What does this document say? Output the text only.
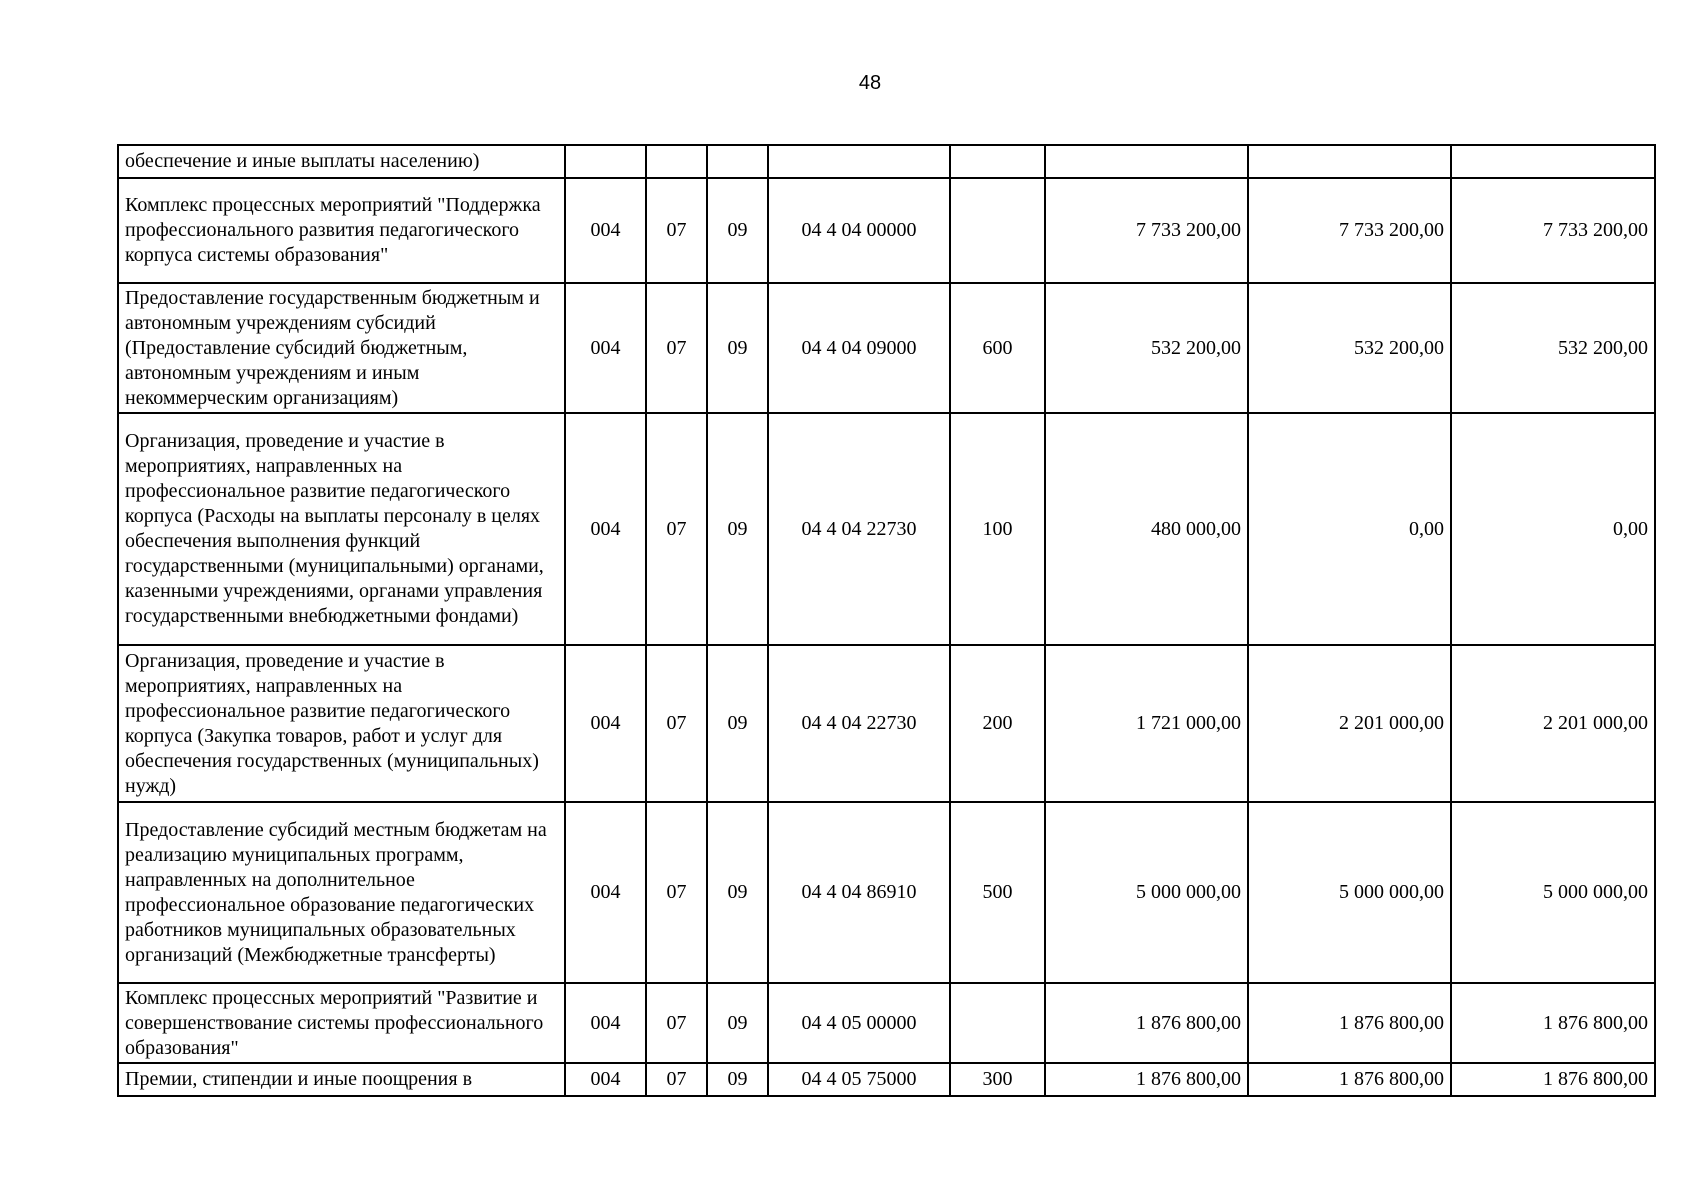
48
обеспечение и иные выплаты населению)								
Комплекс процессных мероприятий "Поддержка профессионального развития педагогического корпуса системы образования"	004	07	09	04 4 04 00000		7 733 200,00	7 733 200,00	7 733 200,00
Предоставление государственным бюджетным и автономным учреждениям субсидий (Предоставление субсидий бюджетным, автономным учреждениям и иным некоммерческим организациям)	004	07	09	04 4 04 09000	600	532 200,00	532 200,00	532 200,00
Организация, проведение и участие в мероприятиях, направленных на профессиональное развитие педагогического корпуса (Расходы на выплаты персоналу в целях обеспечения выполнения функций государственными (муниципальными) органами, казенными учреждениями, органами управления государственными внебюджетными фондами)	004	07	09	04 4 04 22730	100	480 000,00	0,00	0,00
Организация, проведение и участие в мероприятиях, направленных на профессиональное развитие педагогического корпуса (Закупка товаров, работ и услуг для обеспечения государственных (муниципальных) нужд)	004	07	09	04 4 04 22730	200	1 721 000,00	2 201 000,00	2 201 000,00
Предоставление субсидий местным бюджетам на реализацию муниципальных программ, направленных на дополнительное профессиональное образование педагогических работников муниципальных образовательных организаций (Межбюджетные трансферты)	004	07	09	04 4 04 86910	500	5 000 000,00	5 000 000,00	5 000 000,00
Комплекс процессных мероприятий "Развитие и совершенствование системы профессионального образования"	004	07	09	04 4 05 00000		1 876 800,00	1 876 800,00	1 876 800,00
Премии, стипендии и иные поощрения в	004	07	09	04 4 05 75000	300	1 876 800,00	1 876 800,00	1 876 800,00
